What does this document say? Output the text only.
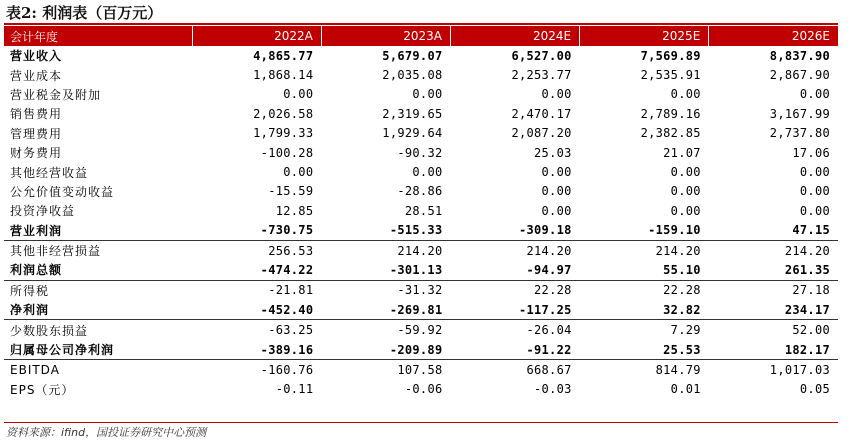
表2: 利润表（百万元）
会计年度	2022A	2023A	2024E	2025E	2026E
营业收入	4,865.77	5,679.07	6,527.00	7,569.89	8,837.90
营业成本	1,868.14	2,035.08	2,253.77	2,535.91	2,867.90
营业税金及附加	0.00	0.00	0.00	0.00	0.00
销售费用	2,026.58	2,319.65	2,470.17	2,789.16	3,167.99
管理费用	1,799.33	1,929.64	2,087.20	2,382.85	2,737.80
财务费用	-100.28	-90.32	25.03	21.07	17.06
其他经营收益	0.00	0.00	0.00	0.00	0.00
公允价值变动收益	-15.59	-28.86	0.00	0.00	0.00
投资净收益	12.85	28.51	0.00	0.00	0.00
营业利润	-730.75	-515.33	-309.18	-159.10	47.15
其他非经营损益	256.53	214.20	214.20	214.20	214.20
利润总额	-474.22	-301.13	-94.97	55.10	261.35
所得税	-21.81	-31.32	22.28	22.28	27.18
净利润	-452.40	-269.81	-117.25	32.82	234.17
少数股东损益	-63.25	-59.92	-26.04	7.29	52.00
归属母公司净利润	-389.16	-209.89	-91.22	25.53	182.17
EBITDA	-160.76	107.58	668.67	814.79	1,017.03
EPS（元）	-0.11	-0.06	-0.03	0.01	0.05
资料来源：ifind，国投证券研究中心预测
